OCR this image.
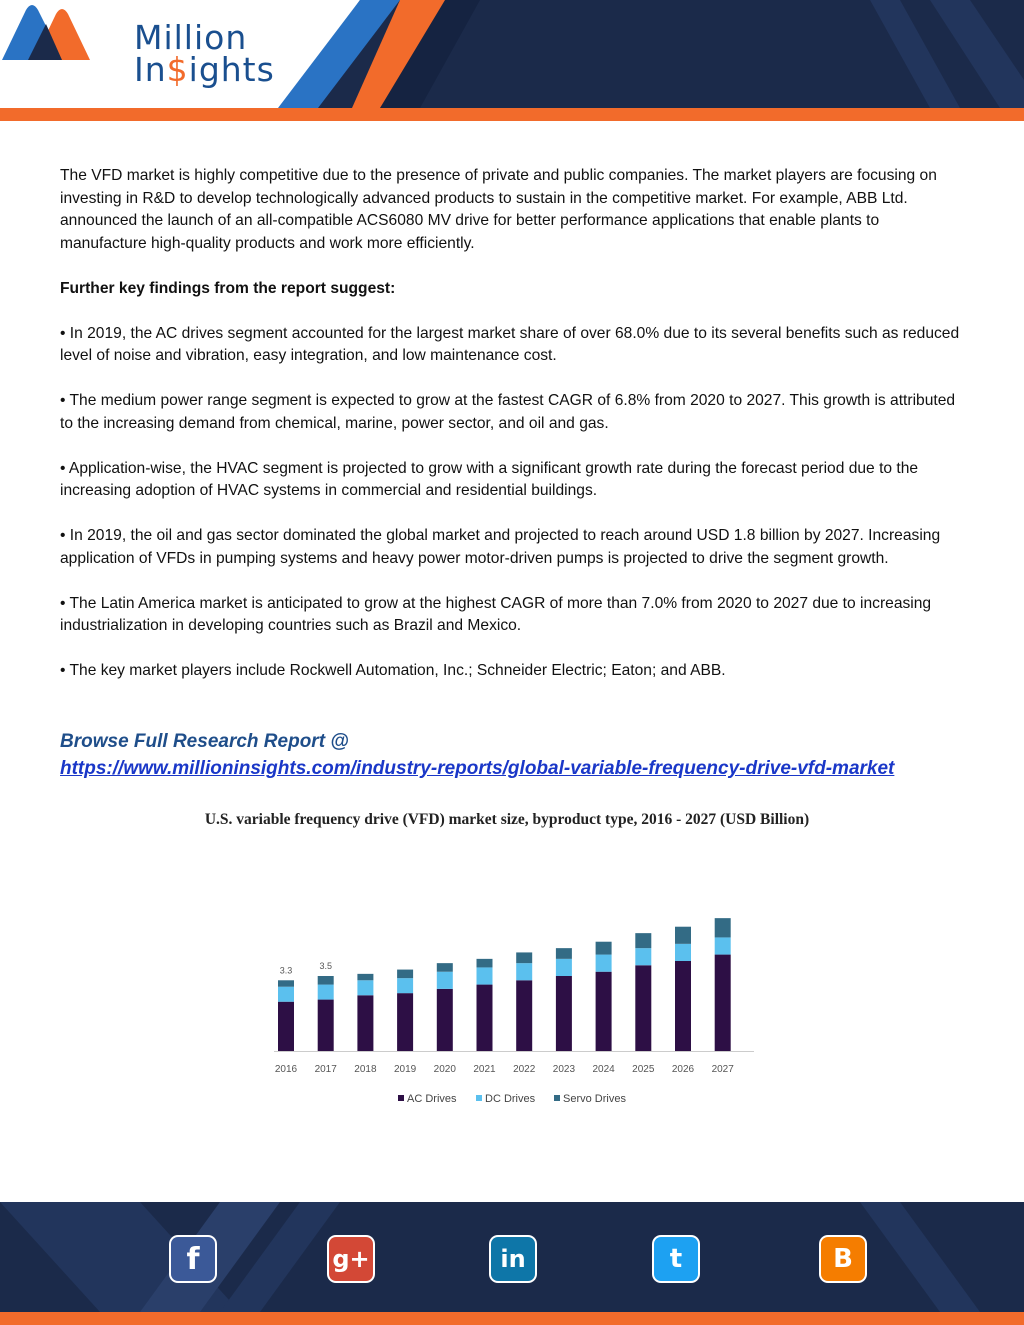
Million
In$ights

The VFD market is highly competitive due to the presence of private and public companies. The market players are focusing on investing in R&D to develop technologically advanced products to sustain in the competitive market. For example, ABB Ltd. announced the launch of an all-compatible ACS6080 MV drive for better performance applications that enable plants to manufacture high-quality products and work more efficiently.

Further key findings from the report suggest:

• In 2019, the AC drives segment accounted for the largest market share of over 68.0% due to its several benefits such as reduced level of noise and vibration, easy integration, and low maintenance cost.

• The medium power range segment is expected to grow at the fastest CAGR of 6.8% from 2020 to 2027. This growth is attributed to the increasing demand from chemical, marine, power sector, and oil and gas.

• Application-wise, the HVAC segment is projected to grow with a significant growth rate during the forecast period due to the increasing adoption of HVAC systems in commercial and residential buildings.

• In 2019, the oil and gas sector dominated the global market and projected to reach around USD 1.8 billion by 2027. Increasing application of VFDs in pumping systems and heavy power motor-driven pumps is projected to drive the segment growth.

• The Latin America market is anticipated to grow at the highest CAGR of more than 7.0% from 2020 to 2027 due to increasing industrialization in developing countries such as Brazil and Mexico.

• The key market players include Rockwell Automation, Inc.; Schneider Electric; Eaton; and ABB.

Browse Full Research Report @
https://www.millioninsights.com/industry-reports/global-variable-frequency-drive-vfd-market
U.S. variable frequency drive (VFD) market size, byproduct type, 2016 - 2027 (USD Billion)
2016
3.3
2017
3.5
2018 2019 2020 2021 2022 2023 2024 2025 2026 2027
AC Drives	DC Drives	Servo Drives
f	g+	in	t	B
